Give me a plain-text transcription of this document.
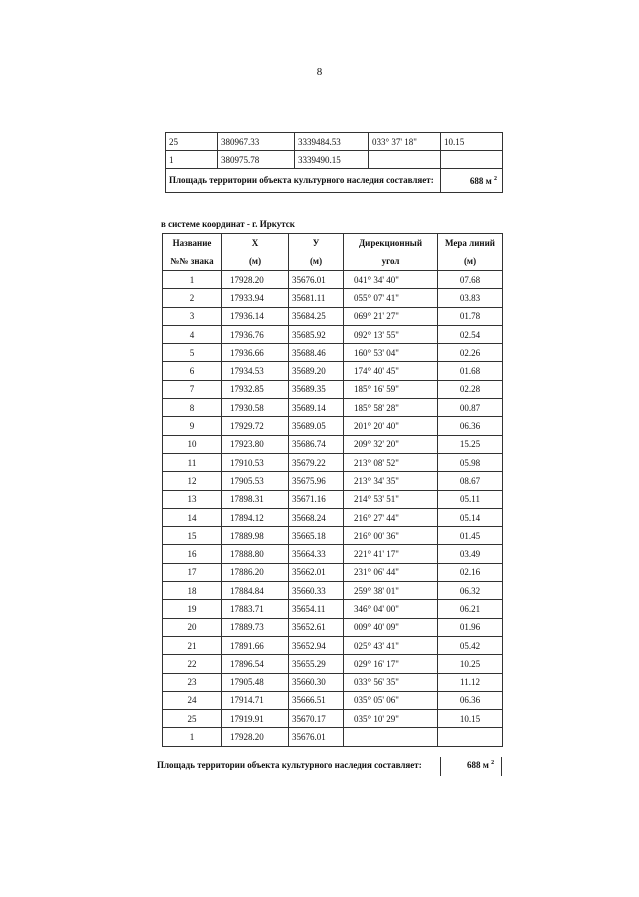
8
25	380967.33	3339484.53	033° 37' 18"	10.15
1	380975.78	3339490.15		
Площадь территории объекта культурного наследия составляет:				688 м $^2$
в системе координат - г. Иркутск
Название	X	У	Дирекционный	Мера линий
№№ знака	(м)	(м)	угол	(м)
1	17928.20	35676.01	041° 34' 40"	07.68
2	17933.94	35681.11	055° 07' 41"	03.83
3	17936.14	35684.25	069° 21' 27"	01.78
4	17936.76	35685.92	092° 13' 55"	02.54
5	17936.66	35688.46	160° 53' 04"	02.26
6	17934.53	35689.20	174° 40' 45"	01.68
7	17932.85	35689.35	185° 16' 59"	02.28
8	17930.58	35689.14	185° 58' 28"	00.87
9	17929.72	35689.05	201° 20' 40"	06.36
10	17923.80	35686.74	209° 32' 20"	15.25
11	17910.53	35679.22	213° 08' 52"	05.98
12	17905.53	35675.96	213° 34' 35"	08.67
13	17898.31	35671.16	214° 53' 51"	05.11
14	17894.12	35668.24	216° 27' 44"	05.14
15	17889.98	35665.18	216° 00' 36"	01.45
16	17888.80	35664.33	221° 41' 17"	03.49
17	17886.20	35662.01	231° 06' 44"	02.16
18	17884.84	35660.33	259° 38' 01"	06.32
19	17883.71	35654.11	346° 04' 00"	06.21
20	17889.73	35652.61	009° 40' 09"	01.96
21	17891.66	35652.94	025° 43' 41"	05.42
22	17896.54	35655.29	029° 16' 17"	10.25
23	17905.48	35660.30	033° 56' 35"	11.12
24	17914.71	35666.51	035° 05' 06"	06.36
25	17919.91	35670.17	035° 10' 29"	10.15
1	17928.20	35676.01		
Площадь территории объекта культурного наследия составляет:	688 м $^2$
